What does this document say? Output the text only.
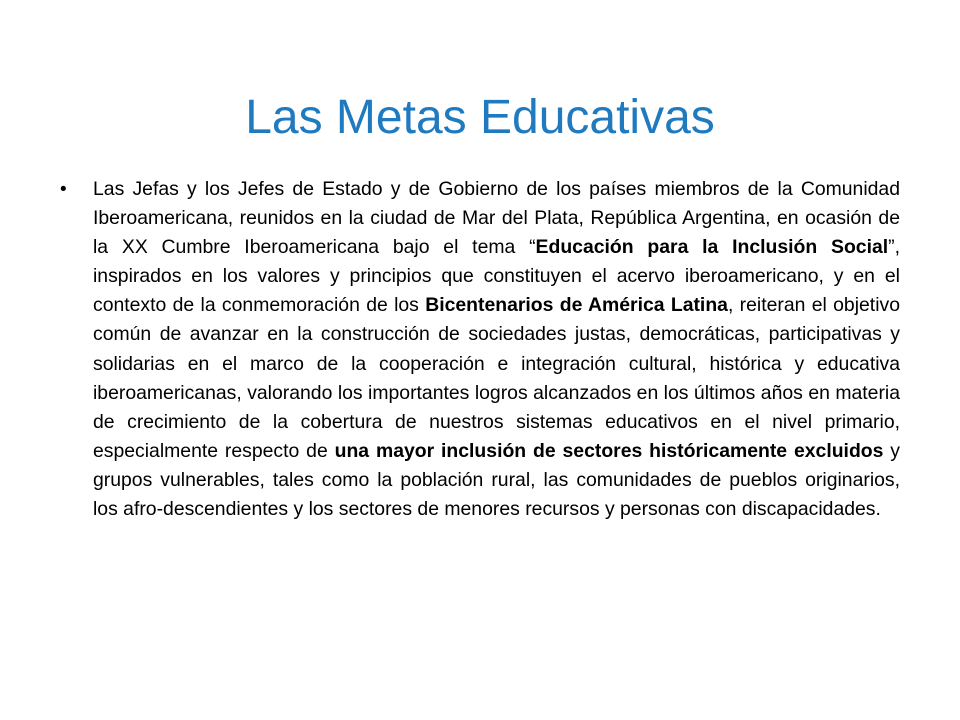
Las Metas Educativas
• Las Jefas y los Jefes de Estado y de Gobierno de los países miembros de la Comunidad Iberoamericana, reunidos en la ciudad de Mar del Plata, República Argentina, en ocasión de la XX Cumbre Iberoamericana bajo el tema “Educación para la Inclusión Social”, inspirados en los valores y principios que constituyen el acervo iberoamericano, y en el contexto de la conmemoración de los Bicentenarios de América Latina, reiteran el objetivo común de avanzar en la construcción de sociedades justas, democráticas, participativas y solidarias en el marco de la cooperación e integración cultural, histórica y educativa iberoamericanas, valorando los importantes logros alcanzados en los últimos años en materia de crecimiento de la cobertura de nuestros sistemas educativos en el nivel primario, especialmente respecto de una mayor inclusión de sectores históricamente excluidos y grupos vulnerables, tales como la población rural, las comunidades de pueblos originarios, los afro-descendientes y los sectores de menores recursos y personas con discapacidades.
